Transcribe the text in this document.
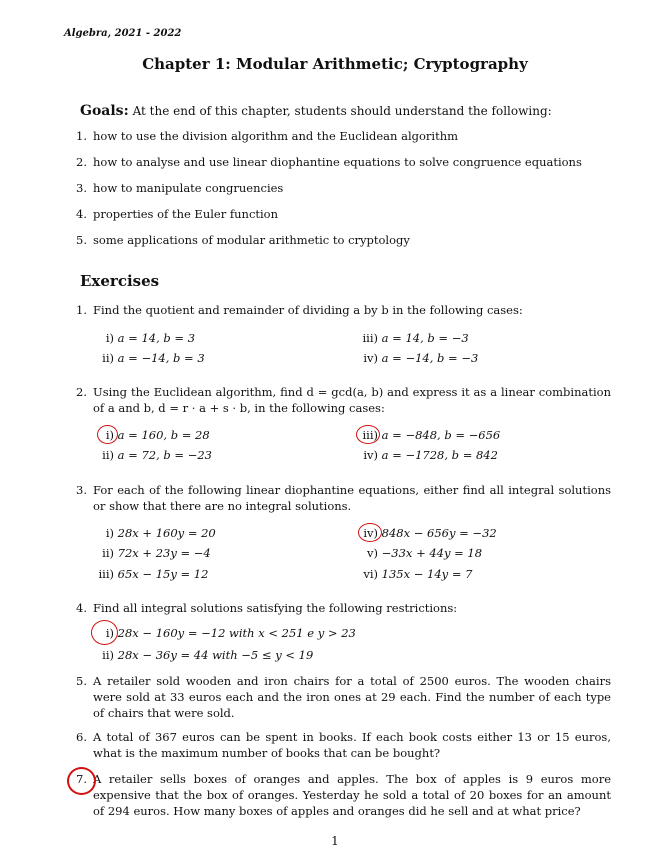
Algebra, 2021 - 2022
Chapter 1: Modular Arithmetic; Cryptography
Goals: At the end of this chapter, students should understand the following:
1. how to use the division algorithm and the Euclidean algorithm
2. how to analyse and use linear diophantine equations to solve congruence equations
3. how to manipulate congruencies
4. properties of the Euler function
5. some applications of modular arithmetic to cryptology
Exercises
1. Find the quotient and remainder of dividing a by b in the following cases:
i) a = 14, b = 3	iii) a = 14, b = −3
ii) a = −14, b = 3	iv) a = −14, b = −3
2. Using the Euclidean algorithm, find d = gcd(a, b) and express it as a linear combination of a and b, d = r · a + s · b, in the following cases:
i) a = 160, b = 28	iii) a = −848, b = −656
ii) a = 72, b = −23	iv) a = −1728, b = 842
3. For each of the following linear diophantine equations, either find all integral solutions or show that there are no integral solutions.
i) 28x + 160y = 20	iv) 848x − 656y = −32
ii) 72x + 23y = −4	v) −33x + 44y = 18
iii) 65x − 15y = 12	vi) 135x − 14y = 7
4. Find all integral solutions satisfying the following restrictions:
i) 28x − 160y = −12 with x < 251 e y > 23
ii) 28x − 36y = 44 with −5 ≤ y < 19
5. A retailer sold wooden and iron chairs for a total of 2500 euros. The wooden chairs were sold at 33 euros each and the iron ones at 29 each. Find the number of each type of chairs that were sold.
6. A total of 367 euros can be spent in books. If each book costs either 13 or 15 euros, what is the maximum number of books that can be bought?
7. A retailer sells boxes of oranges and apples. The box of apples is 9 euros more expensive that the box of oranges. Yesterday he sold a total of 20 boxes for an amount of 294 euros. How many boxes of apples and oranges did he sell and at what price?
1
